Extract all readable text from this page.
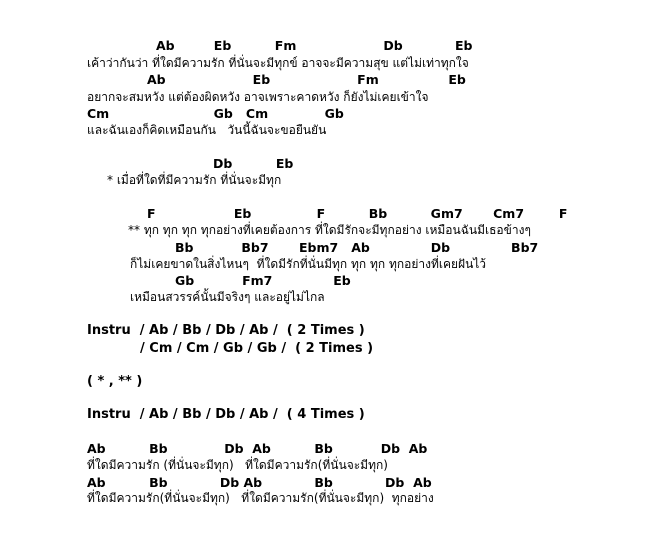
Ab         Eb          Fm                    Db            Eb
เค้าว่ากันว่า ที่ใดมีความรัก ที่นั่นจะมีทุกข์ อาจจะมีความสุข แต่ไม่เท่าทุกใจ
Ab                    Eb                    Fm                Eb
อยากจะสมหวัง แต่ต้องผิดหวัง อาจเพราะคาดหวัง ก็ยังไม่เคยเข้าใจ
Cm                        Gb   Cm             Gb
และฉันเองก็คิดเหมือนกัน   วันนี้ฉันจะขอยืนยัน
Db          Eb
* เมื่อที่ใดที่มีความรัก ที่นั่นจะมีทุก
F                  Eb               F          Bb          Gm7       Cm7        F
** ทุก ทุก ทุก ทุกอย่างที่เคยต้องการ ที่ใดมีรักจะมีทุกอย่าง เหมือนฉันมีเธอข้างๆ
Bb           Bb7       Ebm7   Ab              Db              Bb7
ก็ไม่เคยขาดในสิ่งไหนๆ  ที่ใดมีรักที่นั่นมีทุก ทุก ทุก ทุกอย่างที่เคยฝันไว้
Gb           Fm7              Eb
เหมือนสวรรค์นั้นมีจริงๆ และอยู่ไม่ไกล
Instru  / Ab / Bb / Db / Ab /  ( 2 Times )
/ Cm / Cm / Gb / Gb /  ( 2 Times )
( * , ** )
Instru  / Ab / Bb / Db / Ab /  ( 4 Times )
Ab          Bb             Db  Ab          Bb           Db  Ab
ที่ใดมีความรัก (ที่นั่นจะมีทุก)   ที่ใดมีความรัก(ที่นั่นจะมีทุก)
Ab          Bb            Db Ab            Bb            Db  Ab
ที่ใดมีความรัก(ที่นั่นจะมีทุก)   ที่ใดมีความรัก(ที่นั่นจะมีทุก)  ทุกอย่าง
